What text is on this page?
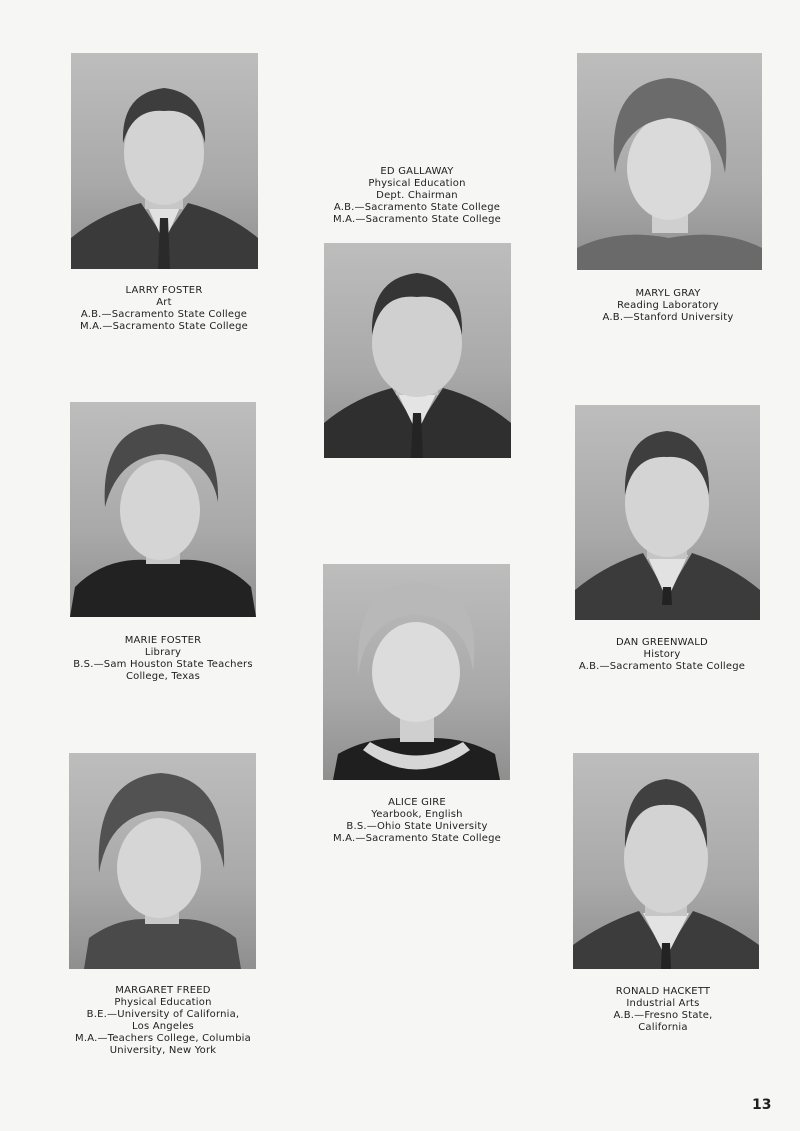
LARRY FOSTER
Art
A.B.—Sacramento State College
M.A.—Sacramento State College
ED GALLAWAY
Physical Education
Dept. Chairman
A.B.—Sacramento State College
M.A.—Sacramento State College
MARYL GRAY
Reading Laboratory
A.B.—Stanford University
MARIE FOSTER
Library
B.S.—Sam Houston State Teachers
College, Texas
DAN GREENWALD
History
A.B.—Sacramento State College
ALICE GIRE
Yearbook, English
B.S.—Ohio State University
M.A.—Sacramento State College
MARGARET FREED
Physical Education
B.E.—University of California,
Los Angeles
M.A.—Teachers College, Columbia
University, New York
RONALD HACKETT
Industrial Arts
A.B.—Fresno State,
California
13
